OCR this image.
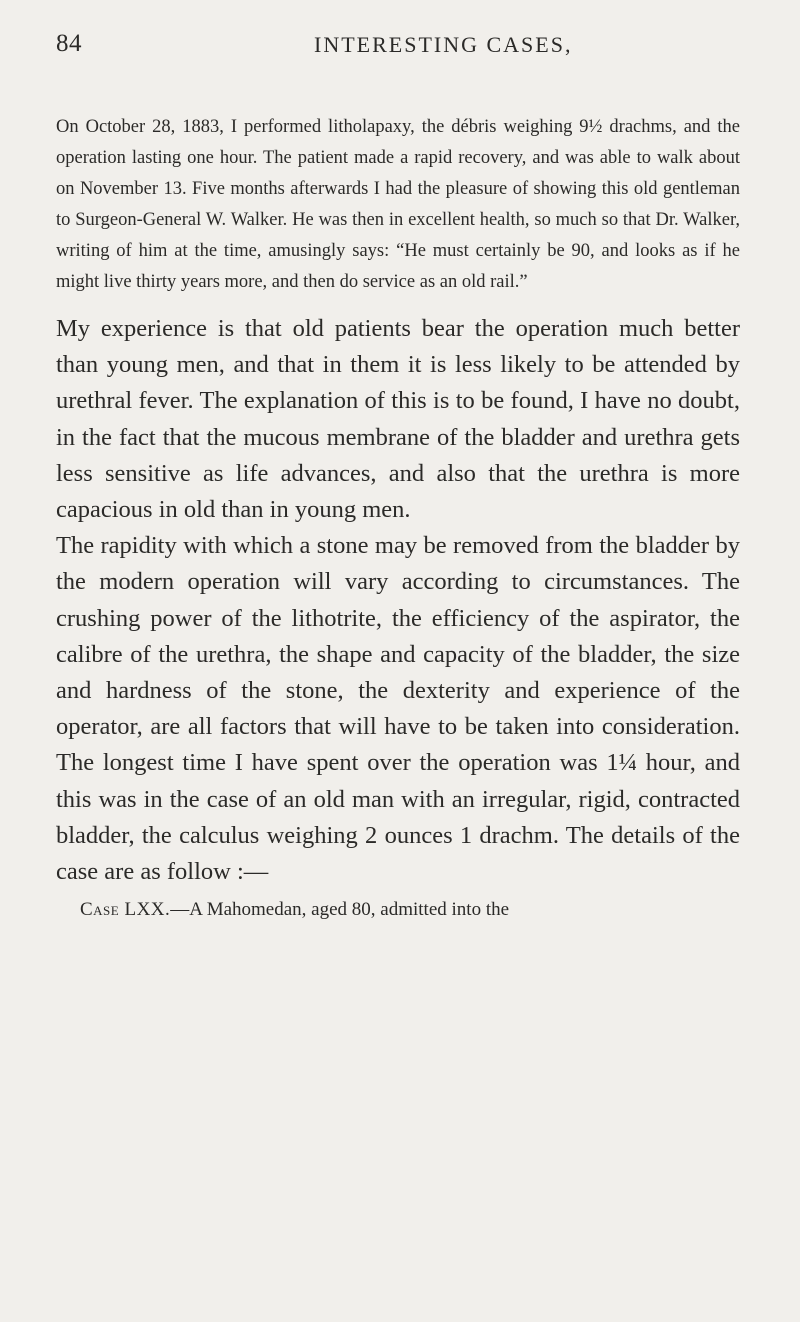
84	INTERESTING CASES,

On October 28, 1883, I performed litholapaxy, the débris weighing 9½ drachms, and the operation lasting one hour. The patient made a rapid recovery, and was able to walk about on November 13. Five months afterwards I had the pleasure of showing this old gentleman to Surgeon-General W. Walker. He was then in excellent health, so much so that Dr. Walker, writing of him at the time, amusingly says: “He must certainly be 90, and looks as if he might live thirty years more, and then do service as an old rail.”

My experience is that old patients bear the operation much better than young men, and that in them it is less likely to be attended by urethral fever. The explanation of this is to be found, I have no doubt, in the fact that the mucous membrane of the bladder and urethra gets less sensitive as life advances, and also that the urethra is more capacious in old than in young men.

The rapidity with which a stone may be removed from the bladder by the modern operation will vary according to circumstances. The crushing power of the lithotrite, the efficiency of the aspirator, the calibre of the urethra, the shape and capacity of the bladder, the size and hardness of the stone, the dexterity and experience of the operator, are all factors that will have to be taken into consideration. The longest time I have spent over the operation was 1¼ hour, and this was in the case of an old man with an irregular, rigid, contracted bladder, the calculus weighing 2 ounces 1 drachm. The details of the case are as follow :—

Case LXX.—A Mahomedan, aged 80, admitted into the
